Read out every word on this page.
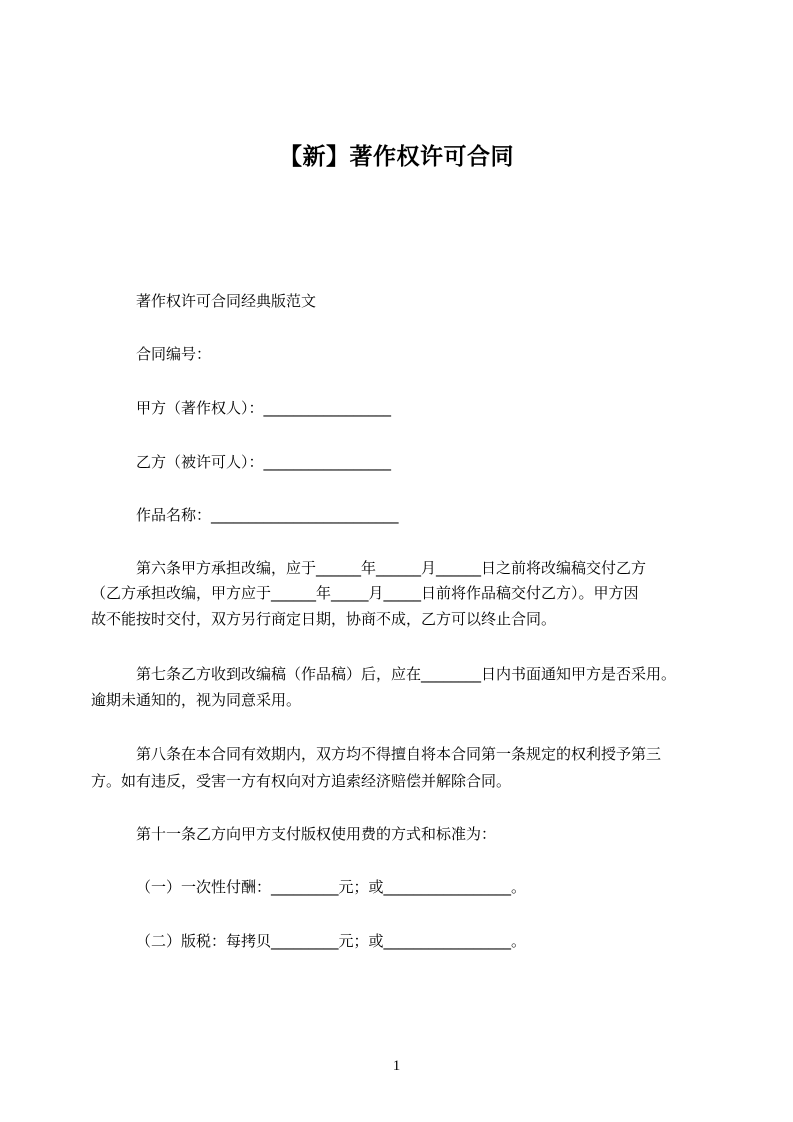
【新】著作权许可合同
著作权许可合同经典版范文
合同编号：
甲方（著作权人）：_________________
乙方（被许可人）：_________________
作品名称：_________________________
第六条甲方承担改编，应于______年______月______日之前将改编稿交付乙方
（乙方承担改编，甲方应于______年_____月_____日前将作品稿交付乙方）。甲方因
故不能按时交付，双方另行商定日期，协商不成，乙方可以终止合同。
第七条乙方收到改编稿（作品稿）后，应在________日内书面通知甲方是否采用。
逾期未通知的，视为同意采用。
第八条在本合同有效期内，双方均不得擅自将本合同第一条规定的权利授予第三
方。如有违反，受害一方有权向对方追索经济赔偿并解除合同。
第十一条乙方向甲方支付版权使用费的方式和标准为：
（一）一次性付酬：_________元；或_________________。
（二）版税：每拷贝_________元；或_________________。
1
